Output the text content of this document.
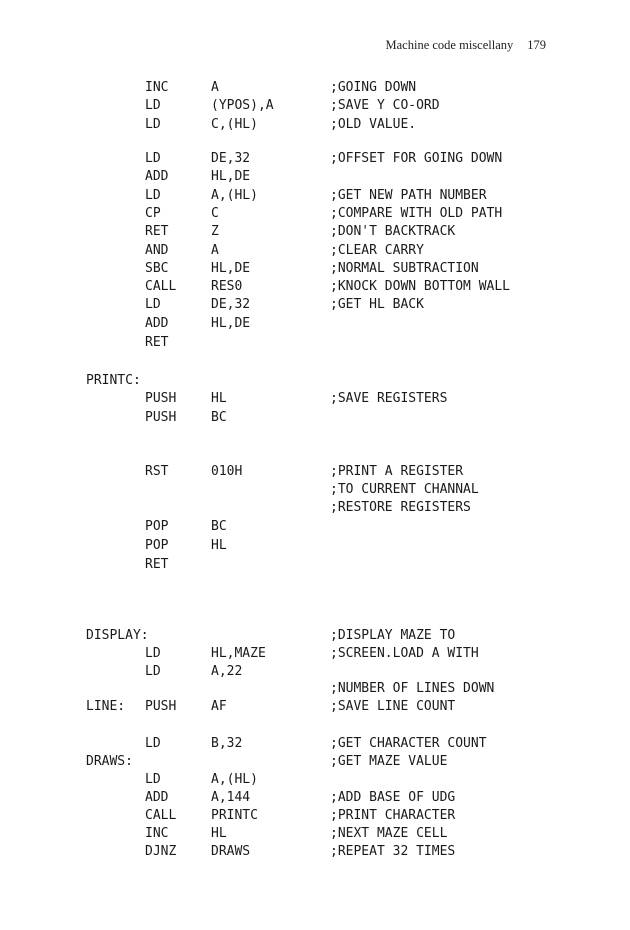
Machine code miscellany 179
INC	A	;GOING DOWN
LD	(YPOS),A	;SAVE Y CO-ORD
LD	C,(HL)	;OLD VALUE.
LD	DE,32	;OFFSET FOR GOING DOWN
ADD	HL,DE
LD	A,(HL)	;GET NEW PATH NUMBER
CP	C	;COMPARE WITH OLD PATH
RET	Z	;DON'T BACKTRACK
AND	A	;CLEAR CARRY
SBC	HL,DE	;NORMAL SUBTRACTION
CALL	RES0	;KNOCK DOWN BOTTOM WALL
LD	DE,32	;GET HL BACK
ADD	HL,DE
RET
PRINTC:
PUSH	HL	;SAVE REGISTERS
PUSH	BC
RST	010H	;PRINT A REGISTER
;TO CURRENT CHANNAL
;RESTORE REGISTERS
POP	BC
POP	HL
RET
DISPLAY:	;DISPLAY MAZE TO
LD	HL,MAZE	;SCREEN.LOAD A WITH
LD	A,22
;NUMBER OF LINES DOWN
LINE: PUSH	AF	;SAVE LINE COUNT
LD	B,32	;GET CHARACTER COUNT
DRAWS:	;GET MAZE VALUE
LD	A,(HL)
ADD	A,144	;ADD BASE OF UDG
CALL	PRINTC	;PRINT CHARACTER
INC	HL	;NEXT MAZE CELL
DJNZ	DRAWS	;REPEAT 32 TIMES
